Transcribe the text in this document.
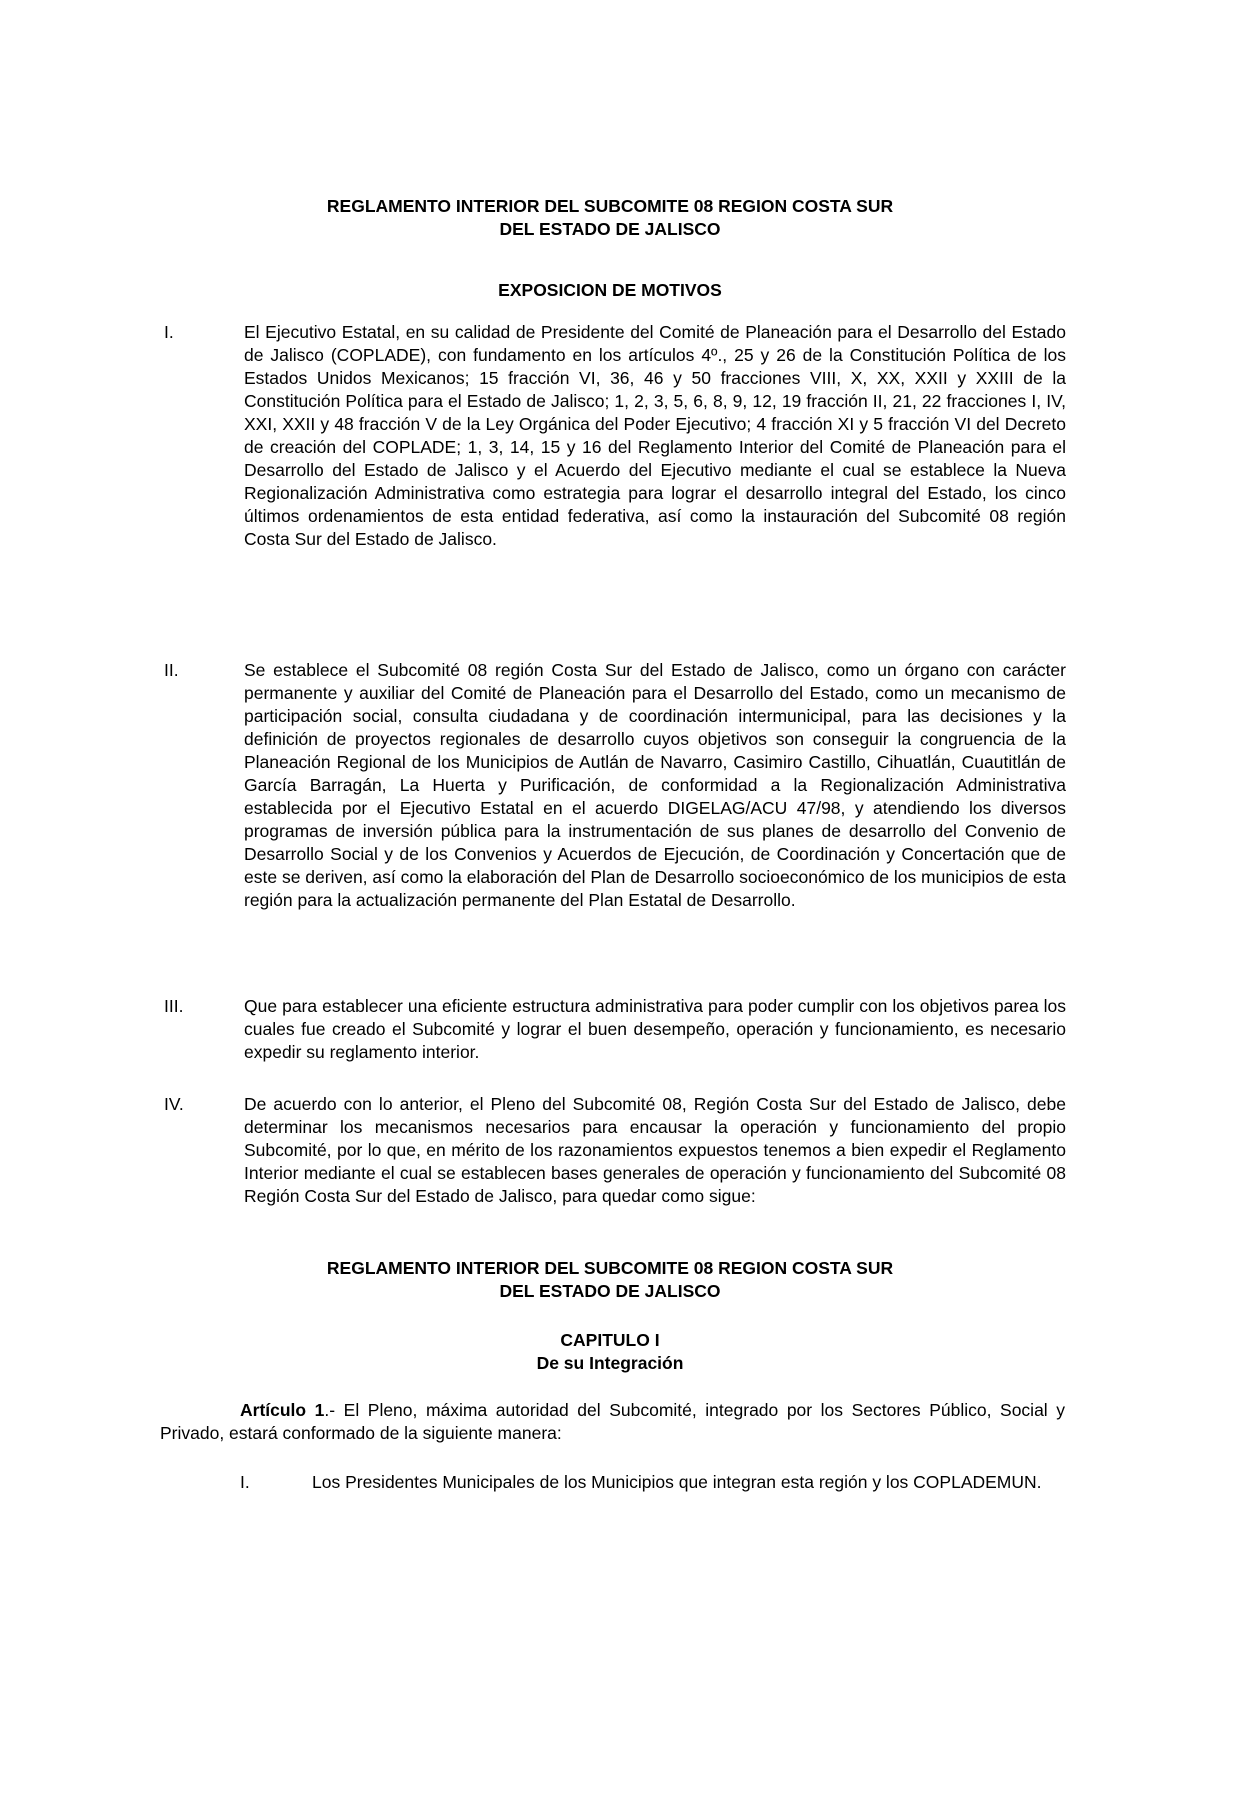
REGLAMENTO INTERIOR DEL SUBCOMITE 08 REGION COSTA SUR
DEL ESTADO DE JALISCO
EXPOSICION DE MOTIVOS
I.	El Ejecutivo Estatal, en su calidad de Presidente del Comité de Planeación para el Desarrollo del Estado de Jalisco (COPLADE), con fundamento en los artículos 4º., 25 y 26 de la Constitución Política de los Estados Unidos Mexicanos; 15 fracción VI, 36, 46 y 50 fracciones VIII, X, XX, XXII y XXIII de la Constitución Política para el Estado de Jalisco; 1, 2, 3, 5, 6, 8, 9, 12, 19 fracción II, 21, 22 fracciones I, IV, XXI, XXII y 48 fracción V de la Ley Orgánica del Poder Ejecutivo; 4 fracción XI y 5 fracción VI del Decreto de creación del COPLADE; 1, 3, 14, 15 y 16 del Reglamento Interior del Comité de Planeación para el Desarrollo del Estado de Jalisco y el Acuerdo del Ejecutivo mediante el cual se establece la Nueva Regionalización Administrativa como estrategia para lograr el desarrollo integral del Estado, los cinco últimos ordenamientos de esta entidad federativa, así como la instauración del Subcomité 08 región Costa Sur del Estado de Jalisco.

II.	Se establece el Subcomité 08 región Costa Sur del Estado de Jalisco, como un órgano con carácter permanente y auxiliar del Comité de Planeación para el Desarrollo del Estado, como un mecanismo de participación social, consulta ciudadana y de coordinación intermunicipal, para las decisiones y la definición de proyectos regionales de desarrollo cuyos objetivos son conseguir la congruencia de la Planeación Regional de los Municipios de Autlán de Navarro, Casimiro Castillo, Cihuatlán, Cuautitlán de García Barragán, La Huerta y Purificación, de conformidad a la Regionalización Administrativa establecida por el Ejecutivo Estatal en el acuerdo DIGELAG/ACU 47/98, y atendiendo los diversos programas de inversión pública para la instrumentación de sus planes de desarrollo del Convenio de Desarrollo Social y de los Convenios y Acuerdos de Ejecución, de Coordinación y Concertación que de este se deriven, así como la elaboración del Plan de Desarrollo socioeconómico de los municipios de esta región para la actualización permanente del Plan Estatal de Desarrollo.

III.	Que para establecer una eficiente estructura administrativa para poder cumplir con los objetivos parea los cuales fue creado el Subcomité y lograr el buen desempeño, operación y funcionamiento, es necesario expedir su reglamento interior.

IV.	De acuerdo con lo anterior, el Pleno del Subcomité 08, Región Costa Sur del Estado de Jalisco, debe determinar los mecanismos necesarios para encausar la operación y funcionamiento del propio Subcomité, por lo que, en mérito de los razonamientos expuestos tenemos a bien expedir el Reglamento Interior mediante el cual se establecen bases generales de operación y funcionamiento del Subcomité 08 Región Costa Sur del Estado de Jalisco, para quedar como sigue:

REGLAMENTO INTERIOR DEL SUBCOMITE 08 REGION COSTA SUR
DEL ESTADO DE JALISCO
CAPITULO I
De su Integración

Artículo 1.- El Pleno, máxima autoridad del Subcomité, integrado por los Sectores Público, Social y Privado, estará conformado de la siguiente manera:

I.	Los Presidentes Municipales de los Municipios que integran esta región y los COPLADEMUN.
